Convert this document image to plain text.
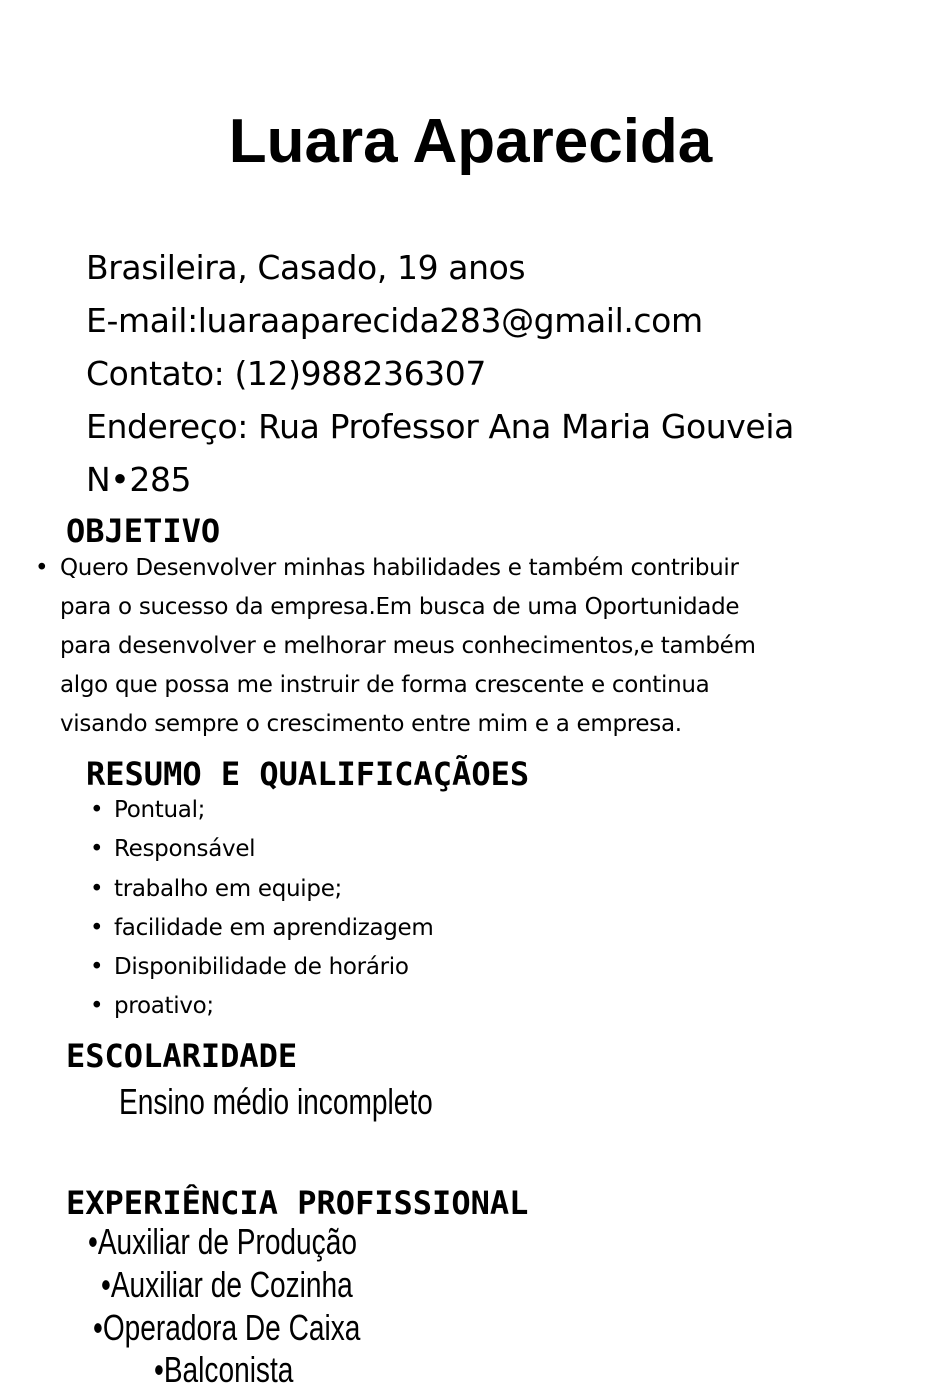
Luara Aparecida
Brasileira, Casado, 19 anos
E-mail:luaraaparecida283@gmail.com
Contato: (12)988236307
Endereço: Rua Professor Ana Maria Gouveia
N•285
OBJETIVO
• Quero Desenvolver minhas habilidades e também contribuir
para o sucesso da empresa.Em busca de uma Oportunidade
para desenvolver e melhorar meus conhecimentos,e também
algo que possa me instruir de forma crescente e continua
visando sempre o crescimento entre mim e a empresa.
RESUMO E QUALIFICAÇÃOES
• Pontual;
• Responsável
• trabalho em equipe;
• facilidade em aprendizagem
• Disponibilidade de horário
• proativo;
ESCOLARIDADE
Ensino médio incompleto
EXPERIÊNCIA PROFISSIONAL
•Auxiliar de Produção
•Auxiliar de Cozinha
•Operadora De Caixa
•Balconista
